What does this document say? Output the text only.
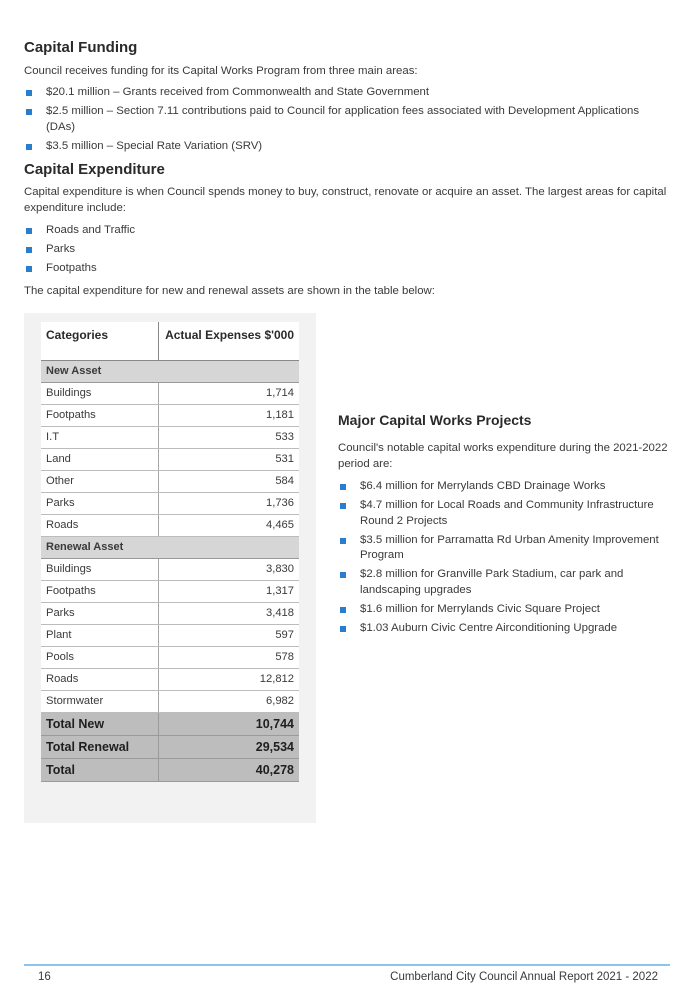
Capital Funding
Council receives funding for its Capital Works Program from three main areas:
$20.1 million – Grants received from Commonwealth and State Government
$2.5 million – Section 7.11 contributions paid to Council for application fees associated with Development Applications (DAs)
$3.5 million – Special Rate Variation (SRV)
Capital Expenditure
Capital expenditure is when Council spends money to buy, construct, renovate or acquire an asset. The largest areas for capital expenditure include:
Roads and Traffic
Parks
Footpaths
The capital expenditure for new and renewal assets are shown in the table below:
Categories	Actual Expenses $'000
New Asset	
Buildings	1,714
Footpaths	1,181
I.T	533
Land	531
Other	584
Parks	1,736
Roads	4,465
Renewal Asset	
Buildings	3,830
Footpaths	1,317
Parks	3,418
Plant	597
Pools	578
Roads	12,812
Stormwater	6,982
Total New	10,744
Total Renewal	29,534
Total	40,278
Major Capital Works Projects
Council's notable capital works expenditure during the 2021-2022 period are:
$6.4 million for Merrylands CBD Drainage Works
$4.7 million for Local Roads and Community Infrastructure Round 2 Projects
$3.5 million for Parramatta Rd Urban Amenity Improvement Program
$2.8 million for Granville Park Stadium, car park and landscaping upgrades
$1.6 million for Merrylands Civic Square Project
$1.03 Auburn Civic Centre Airconditioning Upgrade
16	Cumberland City Council Annual Report 2021 - 2022
